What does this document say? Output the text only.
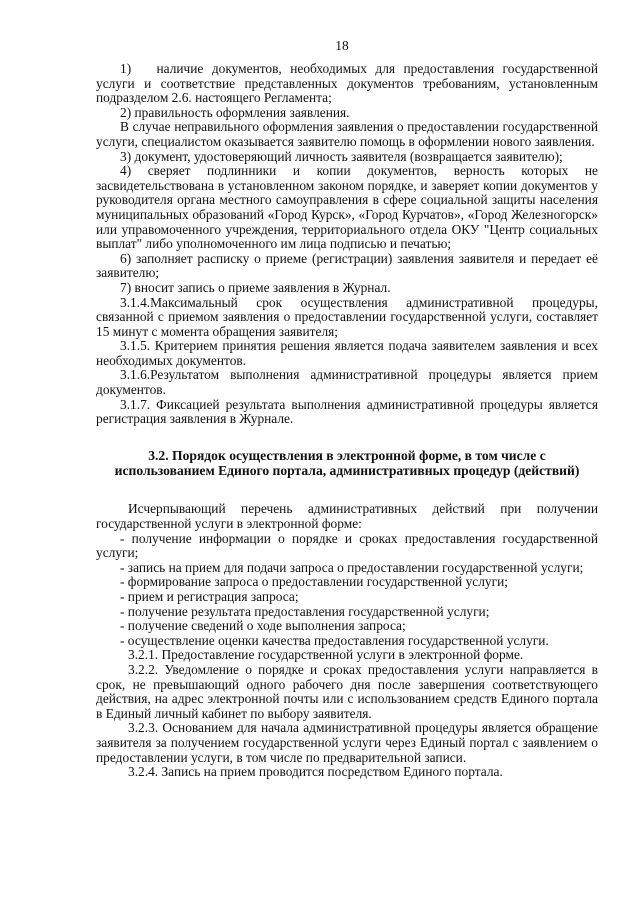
18

1)   наличие документов, необходимых для предоставления государственной услуги и соответствие представленных документов требованиям, установленным подразделом 2.6. настоящего Регламента;

2) правильность оформления заявления.

В случае неправильного оформления заявления о предоставлении государственной услуги, специалистом оказывается заявителю помощь в оформлении нового заявления.

3) документ, удостоверяющий личность заявителя (возвращается заявителю);

4) сверяет подлинники и копии документов, верность которых не засвидетельствована в установленном законом порядке, и заверяет копии документов у руководителя органа местного самоуправления в сфере социальной защиты населения муниципальных образований «Город Курск», «Город Курчатов», «Город Железногорск» или управомоченного учреждения, территориального отдела ОКУ "Центр социальных выплат" либо уполномоченного им лица подписью и печатью;

6) заполняет расписку о приеме (регистрации) заявления заявителя и передает её заявителю;

7) вносит запись о приеме заявления в Журнал.

3.1.4.Максимальный срок осуществления административной процедуры, связанной с приемом заявления о предоставлении государственной услуги, составляет 15 минут с момента обращения заявителя;

3.1.5. Критерием принятия решения является подача заявителем заявления и всех необходимых документов.

3.1.6.Результатом выполнения административной процедуры является прием документов.

3.1.7. Фиксацией результата выполнения административной процедуры является регистрация заявления в Журнале.

3.2. Порядок осуществления в электронной форме, в том числе с использованием Единого портала, административных процедур (действий)

Исчерпывающий перечень административных действий при получении государственной услуги в электронной форме:

- получение информации о порядке и сроках предоставления государственной услуги;

- запись на прием для подачи запроса о предоставлении государственной услуги;

- формирование запроса о предоставлении государственной услуги;

- прием и регистрация запроса;

- получение результата предоставления государственной услуги;

- получение сведений о ходе выполнения запроса;

- осуществление оценки качества предоставления государственной услуги.

3.2.1. Предоставление государственной услуги в электронной форме.

3.2.2. Уведомление о порядке и сроках предоставления услуги направляется в срок, не превышающий одного рабочего дня после завершения соответствующего действия, на адрес электронной почты или с использованием средств Единого портала в Единый личный кабинет по выбору заявителя.

3.2.3. Основанием для начала административной процедуры является обращение заявителя за получением государственной услуги через Единый портал с заявлением о предоставлении услуги, в том числе по предварительной записи.

3.2.4. Запись на прием проводится посредством Единого портала.
